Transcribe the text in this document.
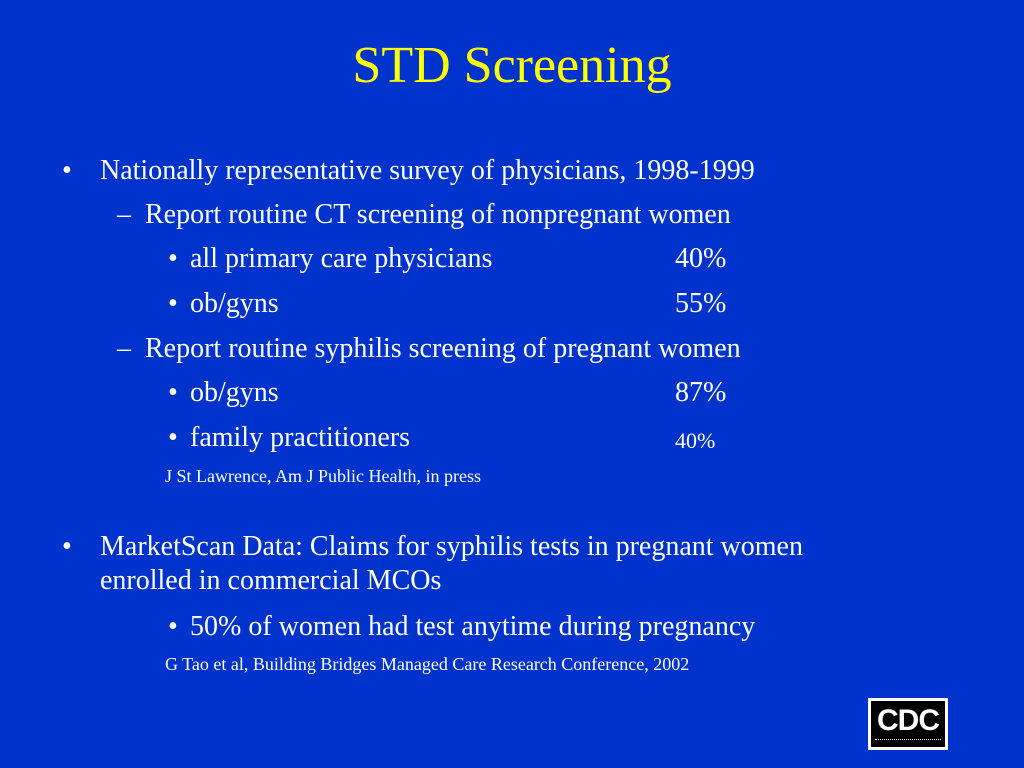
STD Screening
• Nationally representative survey of physicians, 1998-1999
– Report routine CT screening of nonpregnant women
• all primary care physicians	40%
• ob/gyns	55%
– Report routine syphilis screening of pregnant women
• ob/gyns	87%
• family practitioners	40%
J St Lawrence, Am J Public Health, in press
• MarketScan Data: Claims for syphilis tests in pregnant women
enrolled in commercial MCOs
• 50% of women had test anytime during pregnancy
G Tao et al, Building Bridges Managed Care Research Conference, 2002
CDC
